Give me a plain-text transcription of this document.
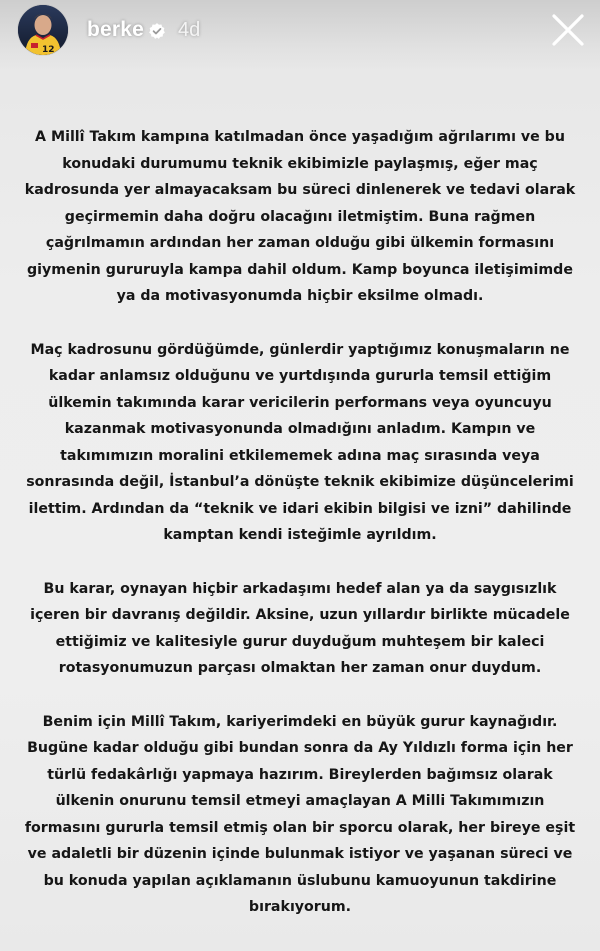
12
berke 4d

A Millî Takım kampına katılmadan önce yaşadığım ağrılarımı ve bu konudaki durumumu teknik ekibimizle paylaşmış, eğer maç kadrosunda yer almayacaksam bu süreci dinlenerek ve tedavi olarak geçirmemin daha doğru olacağını iletmiştim. Buna rağmen çağrılmamın ardından her zaman olduğu gibi ülkemin formasını giymenin gururuyla kampa dahil oldum. Kamp boyunca iletişimimde ya da motivasyonumda hiçbir eksilme olmadı.

Maç kadrosunu gördüğümde, günlerdir yaptığımız konuşmaların ne kadar anlamsız olduğunu ve yurtdışında gururla temsil ettiğim ülkemin takımında karar vericilerin performans veya oyuncuyu kazanmak motivasyonunda olmadığını anladım. Kampın ve takımımızın moralini etkilememek adına maç sırasında veya sonrasında değil, İstanbul’a dönüşte teknik ekibimize düşüncelerimi ilettim. Ardından da “teknik ve idari ekibin bilgisi ve izni” dahilinde kamptan kendi isteğimle ayrıldım.

Bu karar, oynayan hiçbir arkadaşımı hedef alan ya da saygısızlık içeren bir davranış değildir. Aksine, uzun yıllardır birlikte mücadele ettiğimiz ve kalitesiyle gurur duyduğum muhteşem bir kaleci rotasyonumuzun parçası olmaktan her zaman onur duydum.

Benim için Millî Takım, kariyerimdeki en büyük gurur kaynağıdır. Bugüne kadar olduğu gibi bundan sonra da Ay Yıldızlı forma için her türlü fedakârlığı yapmaya hazırım. Bireylerden bağımsız olarak ülkenin onurunu temsil etmeyi amaçlayan A Milli Takımımızın formasını gururla temsil etmiş olan bir sporcu olarak, her bireye eşit ve adaletli bir düzenin içinde bulunmak istiyor ve yaşanan süreci ve bu konuda yapılan açıklamanın üslubunu kamuoyunun takdirine bırakıyorum.
